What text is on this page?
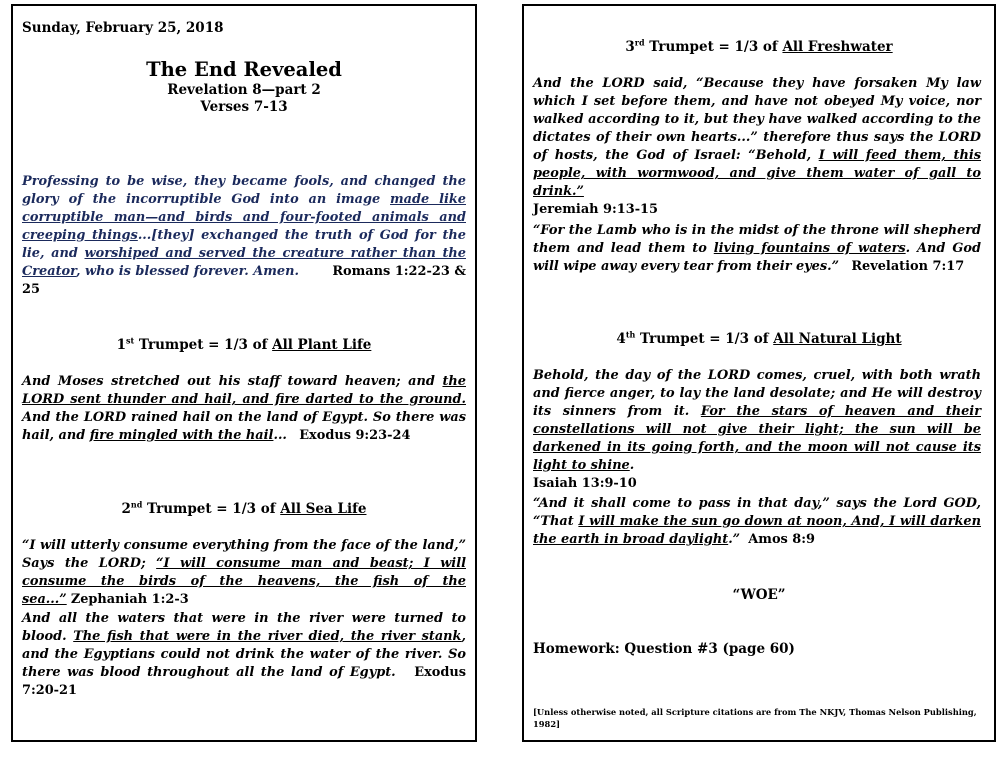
Sunday, February 25, 2018

The End Revealed
Revelation 8—part 2
Verses 7-13

Professing to be wise, they became fools, and changed the glory of the incorruptible God into an image made like corruptible man—and birds and four-footed animals and creeping things...[they] exchanged the truth of God for the lie, and worshiped and served the creature rather than the Creator, who is blessed forever. Amen.	Romans 1:22-23 & 25

1st Trumpet = 1/3 of All Plant Life

And Moses stretched out his staff toward heaven; and the LORD sent thunder and hail, and fire darted to the ground. And the LORD rained hail on the land of Egypt. So there was hail, and fire mingled with the hail... Exodus 9:23-24

2nd Trumpet = 1/3 of All Sea Life

“I will utterly consume everything from the face of the land,” Says the LORD; “I will consume man and beast; I will consume the birds of the heavens, the fish of the sea...” Zephaniah 1:2-3

And all the waters that were in the river were turned to blood. The fish that were in the river died, the river stank, and the Egyptians could not drink the water of the river. So there was blood throughout all the land of Egypt. Exodus 7:20-21

3rd Trumpet = 1/3 of All Freshwater

And the LORD said, “Because they have forsaken My law which I set before them, and have not obeyed My voice, nor walked according to it, but they have walked according to the dictates of their own hearts...” therefore thus says the LORD of hosts, the God of Israel: “Behold, I will feed them, this people, with wormwood, and give them water of gall to drink.”
Jeremiah 9:13-15

“For the Lamb who is in the midst of the throne will shepherd them and lead them to living fountains of waters. And God will wipe away every tear from their eyes.” Revelation 7:17

4th Trumpet = 1/3 of All Natural Light

Behold, the day of the LORD comes, cruel, with both wrath and fierce anger, to lay the land desolate; and He will destroy its sinners from it. For the stars of heaven and their constellations will not give their light; the sun will be darkened in its going forth, and the moon will not cause its light to shine.
Isaiah 13:9-10

“And it shall come to pass in that day,” says the Lord GOD, “That I will make the sun go down at noon, And, I will darken the earth in broad daylight.” Amos 8:9

“WOE”
Homework: Question #3 (page 60)
[Unless otherwise noted, all Scripture citations are from The NKJV, Thomas Nelson Publishing, 1982]
